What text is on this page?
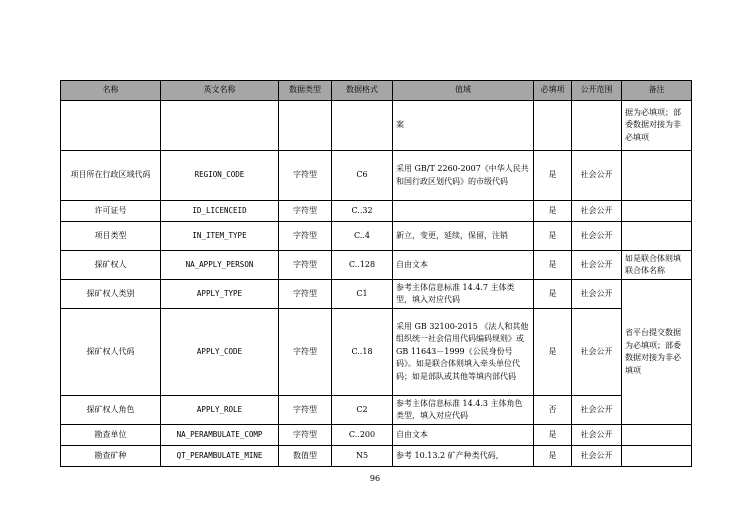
名称	英文名称	数据类型	数据格式	值域	必填项	公开范围	备注
				案			据为必填项；部委数据对接为非必填项
项目所在行政区域代码	REGION_CODE	字符型	C6	采用 GB/T 2260-2007《中华人民共和国行政区划代码》的市级代码	是	社会公开	
许可证号	ID_LICENCEID	字符型	C..32		是	社会公开	
项目类型	IN_ITEM_TYPE	字符型	C..4	新立，变更，延续，保留，注销	是	社会公开	
探矿权人	NA_APPLY_PERSON	字符型	C..128	自由文本	是	社会公开	如是联合体则填联合体名称
探矿权人类别	APPLY_TYPE	字符型	C1	参考主体信息标准 14.4.7 主体类型，填入对应代码	是	社会公开	省平台提交数据为必填项；部委数据对接为非必填项
探矿权人代码	APPLY_CODE	字符型	C..18	采用 GB 32100-2015 《法人和其他组织统一社会信用代码编码规则》或 GB 11643－1999《公民身份号码》。如是联合体则填入牵头单位代码；如是部队或其他等填内部代码	是	社会公开	
探矿权人角色	APPLY_ROLE	字符型	C2	参考主体信息标准 14.4.3 主体角色类型，填入对应代码	否	社会公开	
勘查单位	NA_PERAMBULATE_COMP	字符型	C..200	自由文本	是	社会公开	
勘查矿种	QT_PERAMBULATE_MINE	数值型	N5	参考 10.13.2 矿产种类代码，	是	社会公开	
96
